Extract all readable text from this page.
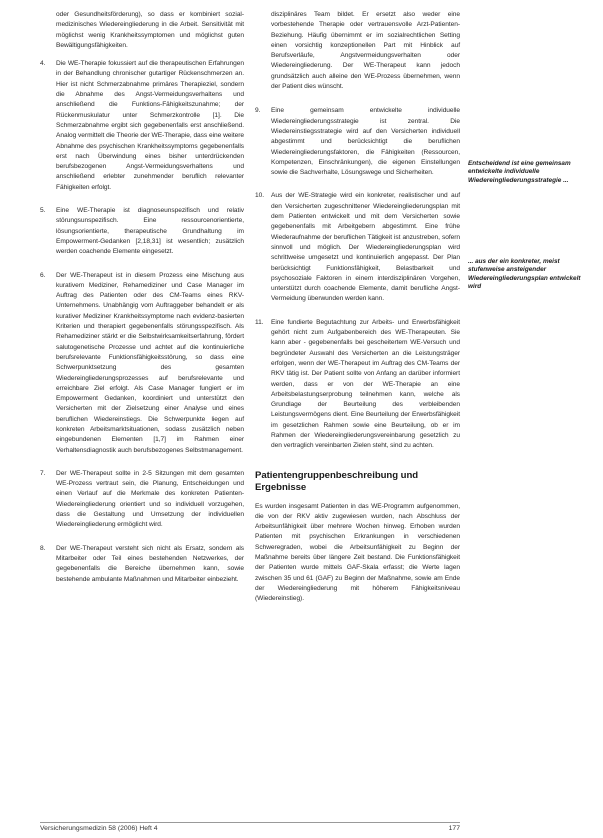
oder Gesundheitsförderung), so dass er kombiniert sozial-medizinisches Wiedereingliederung in die Arbeit. Sensitivität mit möglichst wenig Krankheitssymptomen und möglichst guten Bewältigungsfähigkeiten.
4.	Die WE-Therapie fokussiert auf die therapeutischen Erfahrungen in der Behandlung chronischer gutartiger Rückenschmerzen an. Hier ist nicht Schmerzabnahme primäres Therapieziel, sondern die Abnahme des Angst-Vermeidungsverhaltens und anschließend die Funktions-Fähigkeitszunahme; der Rückenmuskulatur unter Schmerzkontrolle [1]. Die Schmerzabnahme ergibt sich gegebenenfalls erst anschließend. Analog vermittelt die Theorie der WE-Therapie, dass eine weitere Abnahme des psychischen Krankheitssymptoms gegebenenfalls erst nach Überwindung eines bisher unterdrückenden berufsbezogenen Angst-Vermeidungsverhaltens und anschließend erlebter zunehmender beruflich relevanter Fähigkeiten erfolgt.
5.	Eine WE-Therapie ist diagnoseunspezifisch und relativ störungsunspezifisch. Eine ressourcenorientierte, lösungsorientierte, therapeutische Grundhaltung im Empowerment-Gedanken [2,18,31] ist wesentlich; zusätzlich werden coachende Elemente eingesetzt.
6.	Der WE-Therapeut ist in diesem Prozess eine Mischung aus kurativem Mediziner, Rehamediziner und Case Manager im Auftrag des Patienten oder des CM-Teams eines RKV-Unternehmens. Unabhängig vom Auftraggeber behandelt er als kurativer Mediziner Krankheitssymptome nach evidenz-basierten Kriterien und therapiert gegebenenfalls störungsspezifisch. Als Rehamediziner stärkt er die Selbstwirksamkeitserfahrung, fördert salutogenetische Prozesse und achtet auf die kontinuierliche berufsrelevante Funktionsfähigkeitsstörung, so dass eine Schwerpunktsetzung des gesamten Wiedereingliederungsprozesses auf berufsrelevante und erreichbare Ziel erfolgt. Als Case Manager fungiert er im Empowerment Gedanken, koordiniert und unterstützt den Versicherten mit der Zielsetzung einer Analyse und eines beruflichen Wiedereinstiegs. Die Schwerpunkte liegen auf konkreten Arbeitsmarktsituationen, sodass zusätzlich neben eingebundenen Elementen [1,7] im Rahmen einer Verhaltensdiagnostik auch berufsbezogenes Selbstmanagement.
7.	Der WE-Therapeut sollte in 2-5 Sitzungen mit dem gesamten WE-Prozess vertraut sein, die Planung, Entscheidungen und einen Verlauf auf die Merkmale des konkreten Patienten-Wiedereingliederung orientiert und so individuell vorzugehen, dass die Gestaltung und Umsetzung der individuellen Wiedereingliederung ermöglicht wird.
8.	Der WE-Therapeut versteht sich nicht als Ersatz, sondern als Mitarbeiter oder Teil eines bestehenden Netzwerkes, der gegebenenfalls die Bereiche übernehmen kann, sowie bestehende ambulante Maßnahmen und Mitarbeiter einbezieht.
disziplinäres Team bildet. Er ersetzt also weder eine vorbestehende Therapie oder vertrauensvolle Arzt-Patienten-Beziehung. Häufig übernimmt er im sozialrechtlichen Setting einen vorsichtig konzeptionellen Part mit Hinblick auf Berufsverläufe, Angstvermeidungsverhalten oder Wiedereingliederung. Der WE-Therapeut kann jedoch grundsätzlich auch alleine den WE-Prozess übernehmen, wenn der Patient dies wünscht.
9.	Eine gemeinsam entwickelte individuelle Wiedereingliederungsstrategie ist zentral. Die Wiedereinstiegsstrategie wird auf den Versicherten individuell abgestimmt und berücksichtigt die beruflichen Wiedereingliederungsfaktoren, die Fähigkeiten (Ressourcen, Kompetenzen, Einschränkungen), die eigenen Einstellungen sowie die Sachverhalte, Lösungswege und Sicherheiten.
10.	Aus der WE-Strategie wird ein konkreter, realistischer und auf den Versicherten zugeschnittener Wiedereingliederungsplan mit dem Patienten entwickelt und mit dem Versicherten sowie gegebenenfalls mit Arbeitgebern abgestimmt. Eine frühe Wiederaufnahme der beruflichen Tätigkeit ist anzustreben, sofern sinnvoll und möglich. Der Wiedereingliederungsplan wird schrittweise umgesetzt und kontinuierlich angepasst. Der Plan berücksichtigt Funktionsfähigkeit, Belastbarkeit und psychosoziale Faktoren in einem interdisziplinären Vorgehen, unterstützt durch coachende Elemente, damit berufliche Angst-Vermeidung überwunden werden kann.
11.	Eine fundierte Begutachtung zur Arbeits- und Erwerbsfähigkeit gehört nicht zum Aufgabenbereich des WE-Therapeuten. Sie kann aber - gegebenenfalls bei gescheitertem WE-Versuch und begründeter Auswahl des Versicherten an die Leistungsträger erfolgen, wenn der WE-Therapeut im Auftrag des CM-Teams der RKV tätig ist. Der Patient sollte von Anfang an darüber informiert werden, dass er von der WE-Therapie an eine Arbeitsbelastungserprobung teilnehmen kann, welche als Grundlage der Beurteilung des verbleibenden Leistungsvermögens dient. Eine Beurteilung der Erwerbsfähigkeit im gesetzlichen Rahmen sowie eine Beurteilung, ob er im Rahmen der Wiedereingliederungsvereinbarung gesetzlich zu den vertraglich vereinbarten Zielen steht, sind zu achten.
Patientengruppenbeschreibung und Ergebnisse
Es wurden insgesamt Patienten in das WE-Programm aufgenommen, die von der RKV aktiv zugewiesen wurden, nach Abschluss der Arbeitsunfähigkeit über mehrere Wochen hinweg. Erhoben wurden Patienten mit psychischen Erkrankungen in verschiedenen Schweregraden, wobei die Arbeitsunfähigkeit zu Beginn der Maßnahme bereits über längere Zeit bestand. Die Funktionsfähigkeit der Patienten wurde mittels GAF-Skala erfasst; die Werte lagen zwischen 35 und 61 (GAF) zu Beginn der Maßnahme, sowie am Ende der Wiedereingliederung mit höherem Fähigkeitsniveau (Wiedereinstieg).
Entscheidend ist eine gemeinsam entwickelte individuelle Wiedereingliederungsstrategie ...
... aus der ein konkreter, meist stufenweise ansteigender Wiedereingliederungsplan entwickelt wird
Versicherungsmedizin 58 (2006) Heft 4	177
